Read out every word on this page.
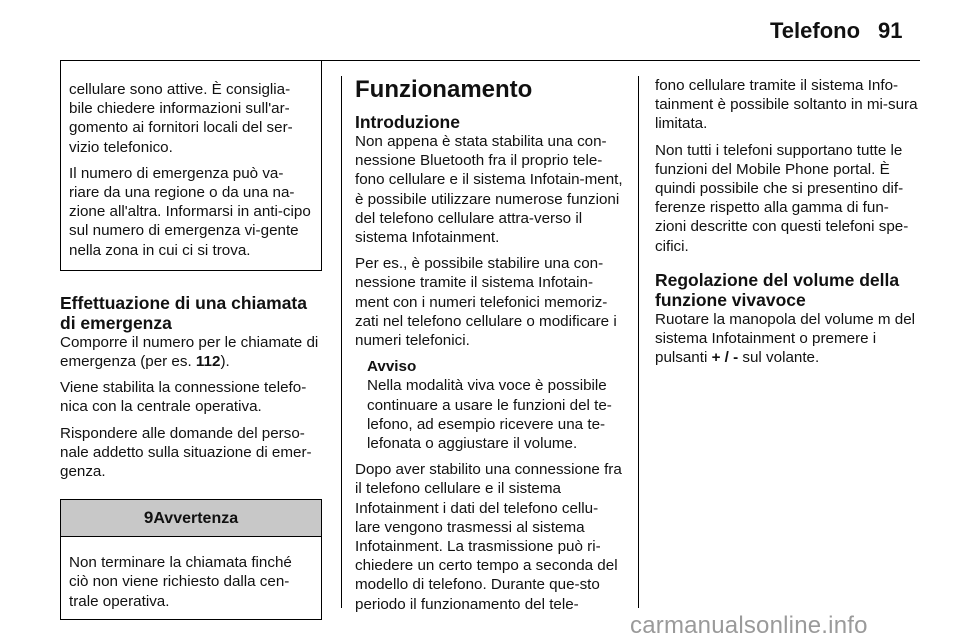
Telefono 91

cellulare sono attive. È consiglia-bile chiedere informazioni sull'ar-gomento ai fornitori locali del ser-vizio telefonico.

Il numero di emergenza può va-riare da una regione o da una na-zione all'altra. Informarsi in anti-cipo sul numero di emergenza vi-gente nella zona in cui ci si trova.

Effettuazione di una chiamata di emergenza

Comporre il numero per le chiamate di emergenza (per es. 112).

Viene stabilita la connessione telefo-nica con la centrale operativa.

Rispondere alle domande del perso-nale addetto sulla situazione di emer-genza.

9Avvertenza
Non terminare la chiamata finché ciò non viene richiesto dalla cen-trale operativa.
Funzionamento
Introduzione

Non appena è stata stabilita una con-nessione Bluetooth fra il proprio tele-fono cellulare e il sistema Infotain-ment, è possibile utilizzare numerose funzioni del telefono cellulare attra-verso il sistema Infotainment.

Per es., è possibile stabilire una con-nessione tramite il sistema Infotain-ment con i numeri telefonici memoriz-zati nel telefono cellulare o modificare i numeri telefonici.

Avviso
Nella modalità viva voce è possibile continuare a usare le funzioni del te-lefono, ad esempio ricevere una te-lefonata o aggiustare il volume.

Dopo aver stabilito una connessione fra il telefono cellulare e il sistema Infotainment i dati del telefono cellu-lare vengono trasmessi al sistema Infotainment. La trasmissione può ri-chiedere un certo tempo a seconda del modello di telefono. Durante que-sto periodo il funzionamento del tele-

fono cellulare tramite il sistema Info-tainment è possibile soltanto in mi-sura limitata.

Non tutti i telefoni supportano tutte le funzioni del Mobile Phone portal. È quindi possibile che si presentino dif-ferenze rispetto alla gamma di fun-zioni descritte con questi telefoni spe-cifici.

Regolazione del volume della funzione vivavoce

Ruotare la manopola del volume m del sistema Infotainment o premere i pulsanti + / - sul volante.

carmanualsonline.info
